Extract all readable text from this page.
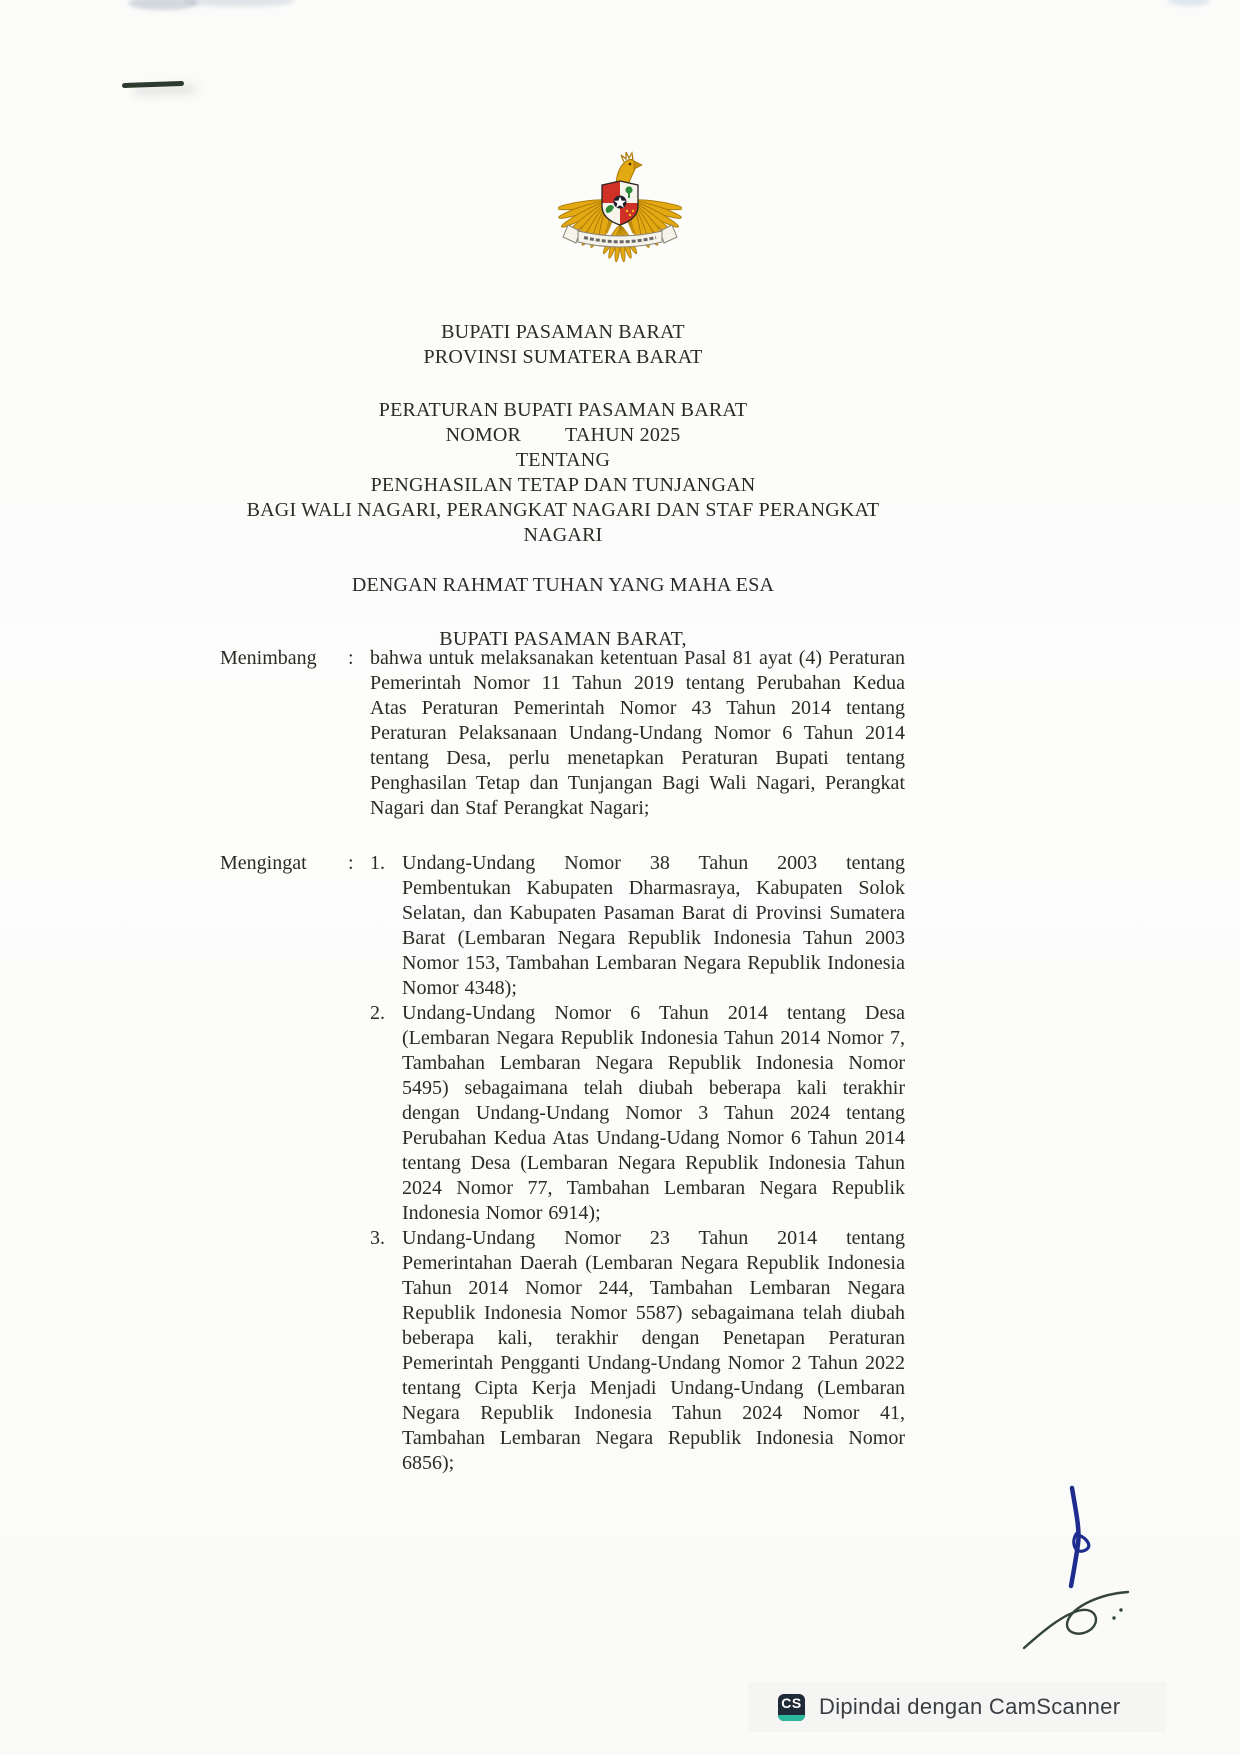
BUPATI PASAMAN BARAT
PROVINSI SUMATERA BARAT
PERATURAN BUPATI PASAMAN BARAT
NOMOR TAHUN 2025
TENTANG
PENGHASILAN TETAP DAN TUNJANGAN
BAGI WALI NAGARI, PERANGKAT NAGARI DAN STAF PERANGKAT NAGARI
DENGAN RAHMAT TUHAN YANG MAHA ESA
BUPATI PASAMAN BARAT,
Menimbang	: bahwa untuk melaksanakan ketentuan Pasal 81 ayat (4) Peraturan Pemerintah Nomor 11 Tahun 2019 tentang Perubahan Kedua Atas Peraturan Pemerintah Nomor 43 Tahun 2014 tentang Peraturan Pelaksanaan Undang-Undang Nomor 6 Tahun 2014 tentang Desa, perlu menetapkan Peraturan Bupati tentang Penghasilan Tetap dan Tunjangan Bagi Wali Nagari, Perangkat Nagari dan Staf Perangkat Nagari;
Mengingat	: 1. Undang-Undang Nomor 38 Tahun 2003 tentang Pembentukan Kabupaten Dharmasraya, Kabupaten Solok Selatan, dan Kabupaten Pasaman Barat di Provinsi Sumatera Barat (Lembaran Negara Republik Indonesia Tahun 2003 Nomor 153, Tambahan Lembaran Negara Republik Indonesia Nomor 4348);
2. Undang-Undang Nomor 6 Tahun 2014 tentang Desa (Lembaran Negara Republik Indonesia Tahun 2014 Nomor 7, Tambahan Lembaran Negara Republik Indonesia Nomor 5495) sebagaimana telah diubah beberapa kali terakhir dengan Undang-Undang Nomor 3 Tahun 2024 tentang Perubahan Kedua Atas Undang-Udang Nomor 6 Tahun 2014 tentang Desa (Lembaran Negara Republik Indonesia Tahun 2024 Nomor 77, Tambahan Lembaran Negara Republik Indonesia Nomor 6914);
3. Undang-Undang Nomor 23 Tahun 2014 tentang Pemerintahan Daerah (Lembaran Negara Republik Indonesia Tahun 2014 Nomor 244, Tambahan Lembaran Negara Republik Indonesia Nomor 5587) sebagaimana telah diubah beberapa kali, terakhir dengan Penetapan Peraturan Pemerintah Pengganti Undang-Undang Nomor 2 Tahun 2022 tentang Cipta Kerja Menjadi Undang-Undang (Lembaran Negara Republik Indonesia Tahun 2024 Nomor 41, Tambahan Lembaran Negara Republik Indonesia Nomor 6856);
CS Dipindai dengan CamScanner
